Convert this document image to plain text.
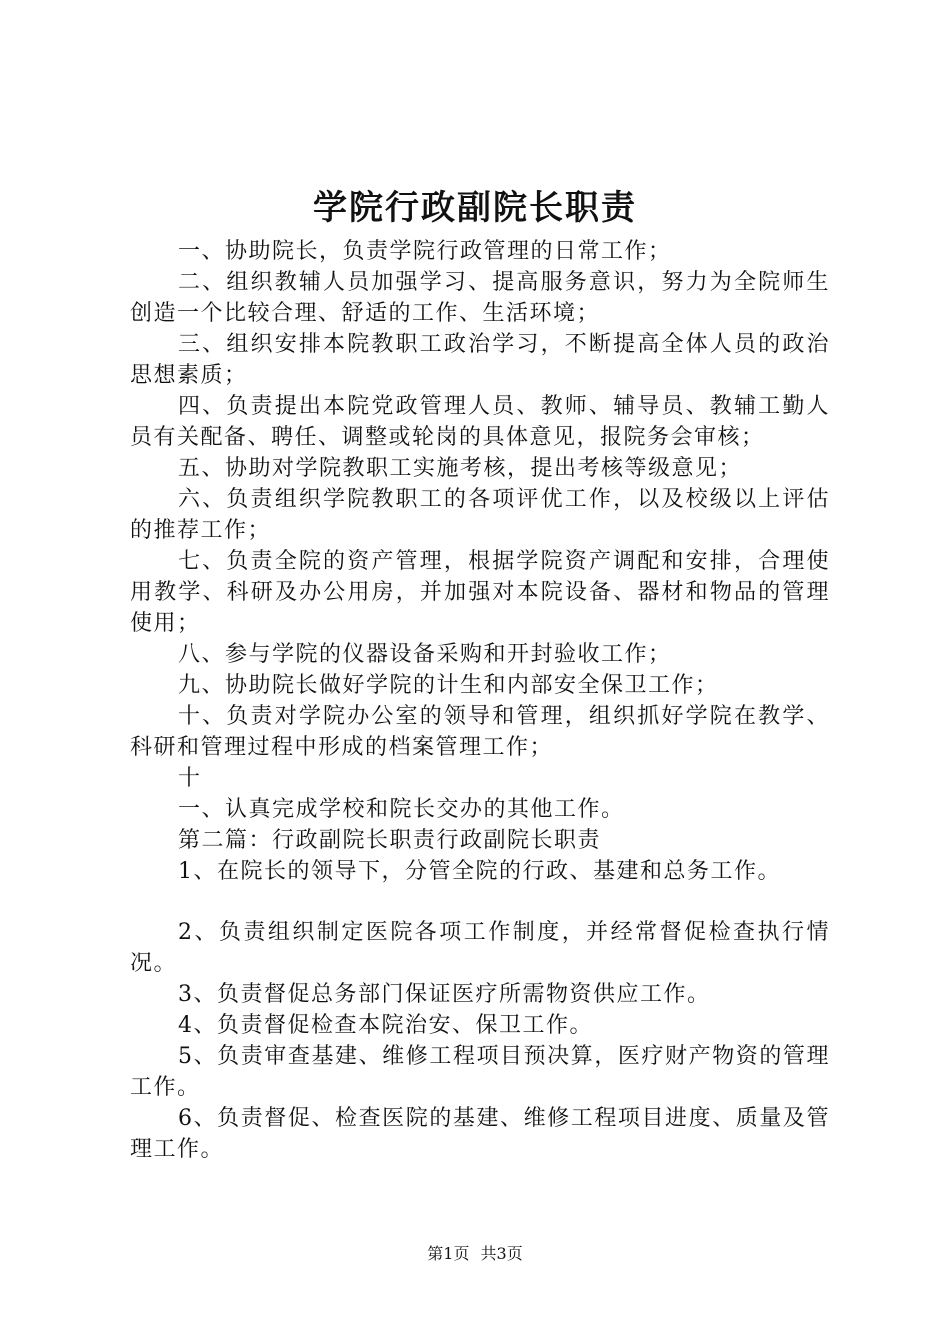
学院行政副院长职责

一、协助院长，负责学院行政管理的日常工作；

二、组织教辅人员加强学习、提高服务意识，努力为全院师生创造一个比较合理、舒适的工作、生活环境；

三、组织安排本院教职工政治学习，不断提高全体人员的政治思想素质；

四、负责提出本院党政管理人员、教师、辅导员、教辅工勤人员有关配备、聘任、调整或轮岗的具体意见，报院务会审核；

五、协助对学院教职工实施考核，提出考核等级意见；

六、负责组织学院教职工的各项评优工作，以及校级以上评估的推荐工作；

七、负责全院的资产管理，根据学院资产调配和安排，合理使用教学、科研及办公用房，并加强对本院设备、器材和物品的管理使用；

八、参与学院的仪器设备采购和开封验收工作；

九、协助院长做好学院的计生和内部安全保卫工作；

十、负责对学院办公室的领导和管理，组织抓好学院在教学、科研和管理过程中形成的档案管理工作；

十

一、认真完成学校和院长交办的其他工作。

第二篇：行政副院长职责行政副院长职责

1、在院长的领导下，分管全院的行政、基建和总务工作。

2、负责组织制定医院各项工作制度，并经常督促检查执行情况。

3、负责督促总务部门保证医疗所需物资供应工作。

4、负责督促检查本院治安、保卫工作。

5、负责审查基建、维修工程项目预决算，医疗财产物资的管理工作。

6、负责督促、检查医院的基建、维修工程项目进度、质量及管理工作。

第1页 共3页
